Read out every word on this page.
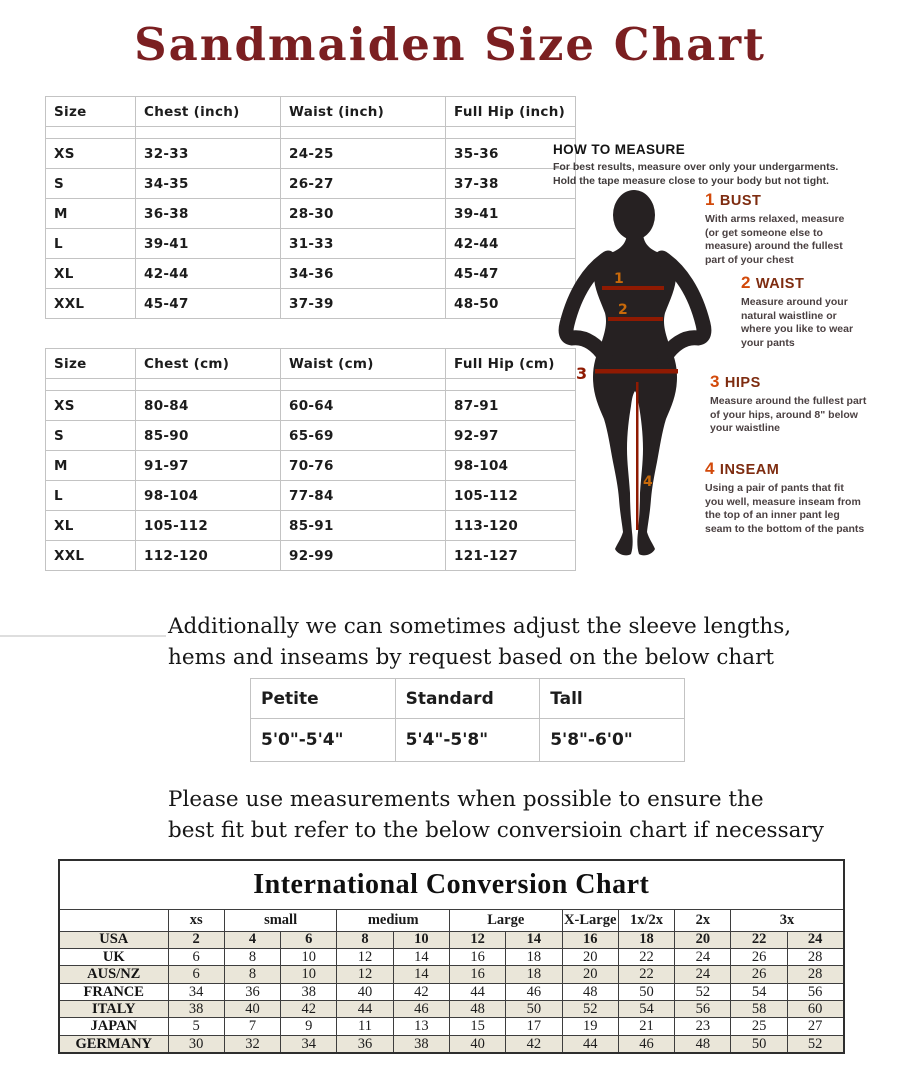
Sandmaiden Size Chart
Size	Chest (inch)	Waist (inch)	Full Hip (inch)

XS	32-33	24-25	35-36
S	34-35	26-27	37-38
M	36-38	28-30	39-41
L	39-41	31-33	42-44
XL	42-44	34-36	45-47
XXL	45-47	37-39	48-50
Size	Chest (cm)	Waist (cm)	Full Hip (cm)

XS	80-84	60-64	87-91
S	85-90	65-69	92-97
M	91-97	70-76	98-104
L	98-104	77-84	105-112
XL	105-112	85-91	113-120
XXL	112-120	92-99	121-127
HOW TO MEASURE
For best results, measure over only your undergarments.
Hold the tape measure close to your body but not tight.
1
2
3
4
1 BUST
With arms relaxed, measure (or get someone else to measure) around the fullest part of your chest
2 WAIST
Measure around your natural waistline or where you like to wear your pants
3 HIPS
Measure around the fullest part of your hips, around 8" below your waistline
4 INSEAM
Using a pair of pants that fit you well, measure inseam from the top of an inner pant leg seam to the bottom of the pants
Additionally we can sometimes adjust the sleeve lengths,
hems and inseams by request based on the below chart
Petite	Standard	Tall
5'0"-5'4"	5'4"-5'8"	5'8"-6'0"
Please use measurements when possible to ensure the
best fit but refer to the below conversioin chart if necessary
International Conversion Chart												
	xs	small		medium		Large		X-Large	1x/2x	2x	3x	
USA	2	4	6	8	10	12	14	16	18	20	22	24
UK	6	8	10	12	14	16	18	20	22	24	26	28
AUS/NZ	6	8	10	12	14	16	18	20	22	24	26	28
FRANCE	34	36	38	40	42	44	46	48	50	52	54	56
ITALY	38	40	42	44	46	48	50	52	54	56	58	60
JAPAN	5	7	9	11	13	15	17	19	21	23	25	27
GERMANY	30	32	34	36	38	40	42	44	46	48	50	52
